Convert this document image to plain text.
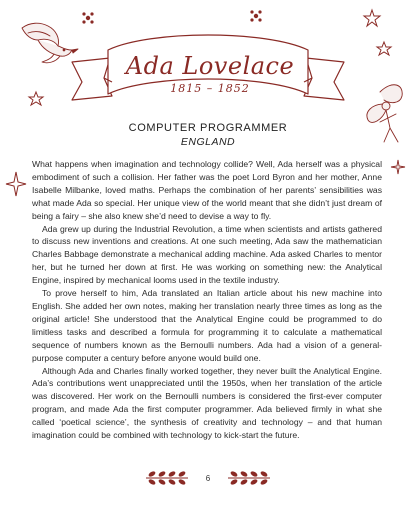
Ada Lovelace
1815 – 1852
COMPUTER PROGRAMMER
ENGLAND

What happens when imagination and technology collide? Well, Ada herself was a physical embodiment of such a collision. Her father was the poet Lord Byron and her mother, Anne Isabelle Milbanke, loved maths. Perhaps the combination of her parents’ sensibilities was what made Ada so special. Her unique view of the world meant that she didn’t just dream of being a fairy – she also knew she’d need to devise a way to fly.

Ada grew up during the Industrial Revolution, a time when scientists and artists gathered to discuss new inventions and creations. At one such meeting, Ada saw the mathematician Charles Babbage demonstrate a mechanical adding machine. Ada asked Charles to mentor her, but he turned her down at first. He was working on something new: the Analytical Engine, inspired by mechanical looms used in the textile industry.

To prove herself to him, Ada translated an Italian article about his new machine into English. She added her own notes, making her translation nearly three times as long as the original article! She understood that the Analytical Engine could be programmed to do limitless tasks and described a formula for programming it to calculate a mathematical sequence of numbers known as the Bernoulli numbers. Ada had a vision of a general-purpose computer a century before anyone would build one.

Although Ada and Charles finally worked together, they never built the Analytical Engine. Ada’s contributions went unappreciated until the 1950s, when her translation of the article was discovered. Her work on the Bernoulli numbers is considered the first-ever computer program, and made Ada the first computer programmer. Ada believed firmly in what she called ‘poetical science’, the synthesis of creativity and technology – and that human imagination could be combined with technology to kick-start the future.

6
